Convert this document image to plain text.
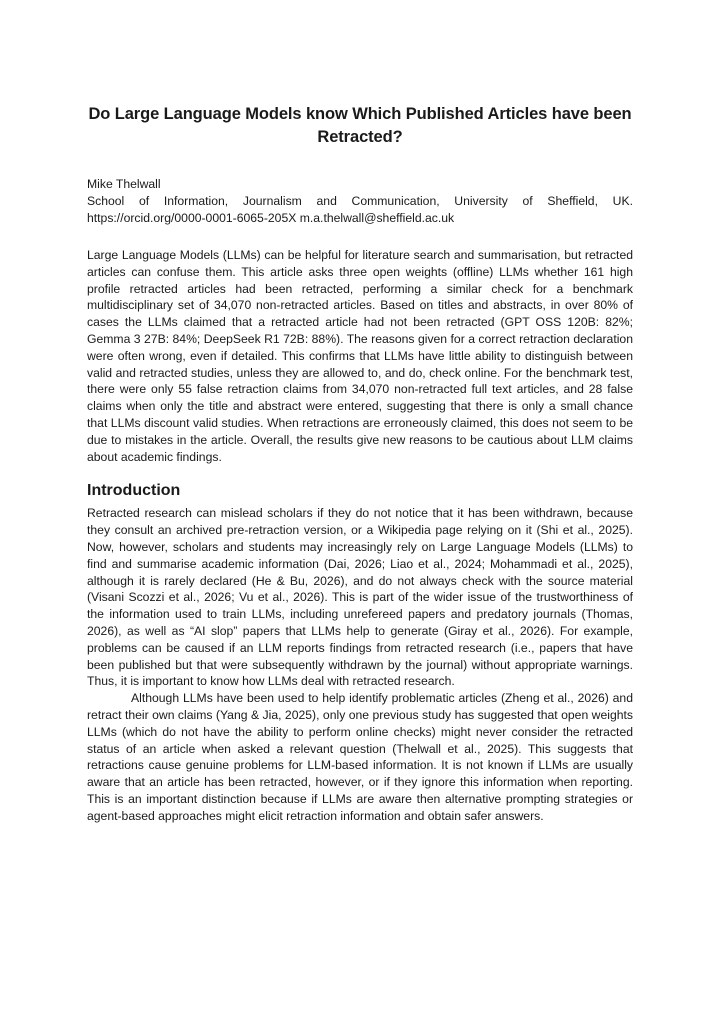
Do Large Language Models know Which Published Articles have been Retracted?
Mike Thelwall
School of Information, Journalism and Communication, University of Sheffield, UK. https://orcid.org/0000-0001-6065-205X m.a.thelwall@sheffield.ac.uk

Large Language Models (LLMs) can be helpful for literature search and summarisation, but retracted articles can confuse them. This article asks three open weights (offline) LLMs whether 161 high profile retracted articles had been retracted, performing a similar check for a benchmark multidisciplinary set of 34,070 non-retracted articles. Based on titles and abstracts, in over 80% of cases the LLMs claimed that a retracted article had not been retracted (GPT OSS 120B: 82%; Gemma 3 27B: 84%; DeepSeek R1 72B: 88%). The reasons given for a correct retraction declaration were often wrong, even if detailed. This confirms that LLMs have little ability to distinguish between valid and retracted studies, unless they are allowed to, and do, check online. For the benchmark test, there were only 55 false retraction claims from 34,070 non-retracted full text articles, and 28 false claims when only the title and abstract were entered, suggesting that there is only a small chance that LLMs discount valid studies. When retractions are erroneously claimed, this does not seem to be due to mistakes in the article. Overall, the results give new reasons to be cautious about LLM claims about academic findings.

Introduction

Retracted research can mislead scholars if they do not notice that it has been withdrawn, because they consult an archived pre-retraction version, or a Wikipedia page relying on it (Shi et al., 2025). Now, however, scholars and students may increasingly rely on Large Language Models (LLMs) to find and summarise academic information (Dai, 2026; Liao et al., 2024; Mohammadi et al., 2025), although it is rarely declared (He & Bu, 2026), and do not always check with the source material (Visani Scozzi et al., 2026; Vu et al., 2026). This is part of the wider issue of the trustworthiness of the information used to train LLMs, including unrefereed papers and predatory journals (Thomas, 2026), as well as “AI slop” papers that LLMs help to generate (Giray et al., 2026). For example, problems can be caused if an LLM reports findings from retracted research (i.e., papers that have been published but that were subsequently withdrawn by the journal) without appropriate warnings. Thus, it is important to know how LLMs deal with retracted research.

Although LLMs have been used to help identify problematic articles (Zheng et al., 2026) and retract their own claims (Yang & Jia, 2025), only one previous study has suggested that open weights LLMs (which do not have the ability to perform online checks) might never consider the retracted status of an article when asked a relevant question (Thelwall et al., 2025). This suggests that retractions cause genuine problems for LLM-based information. It is not known if LLMs are usually aware that an article has been retracted, however, or if they ignore this information when reporting. This is an important distinction because if LLMs are aware then alternative prompting strategies or agent-based approaches might elicit retraction information and obtain safer answers.
